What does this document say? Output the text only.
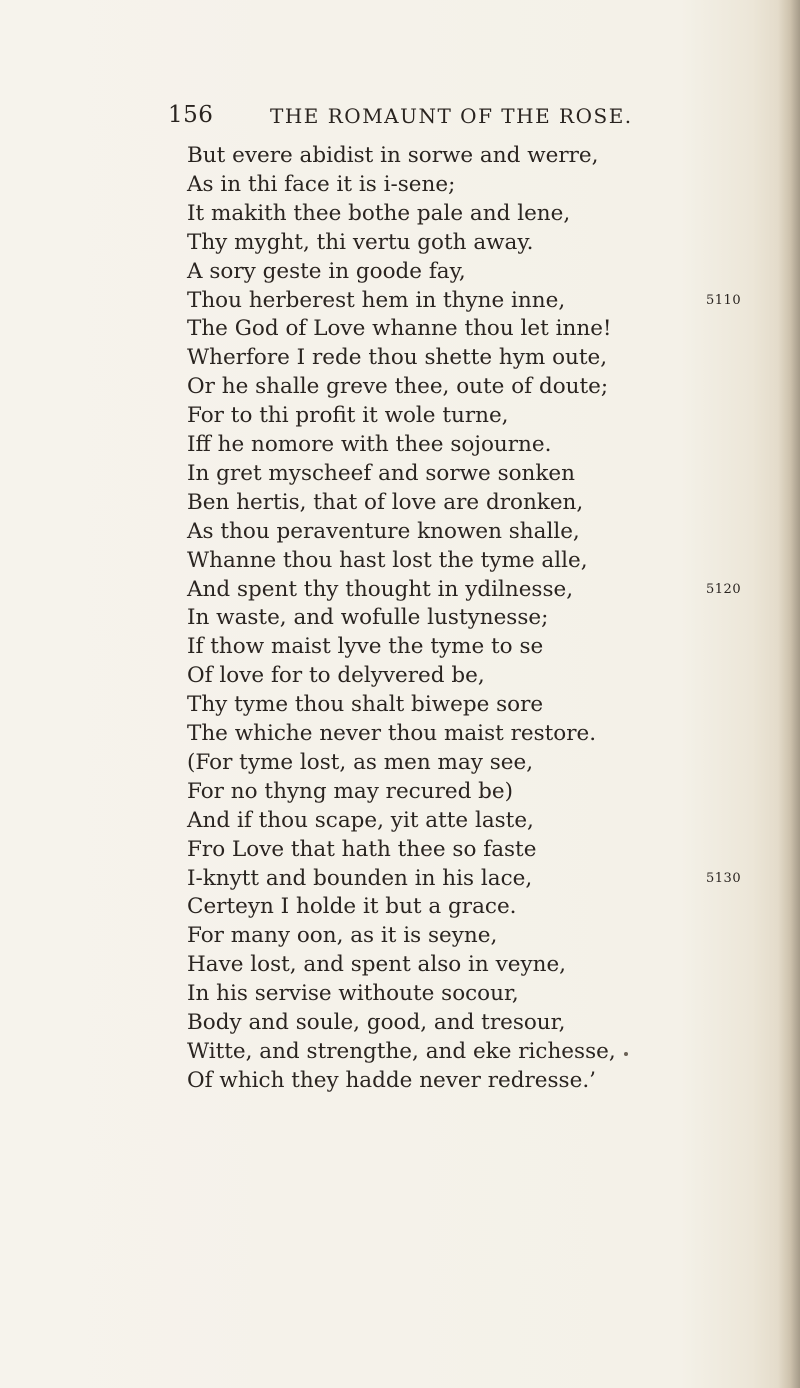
156	THE ROMAUNT OF THE ROSE.
But evere abidist in sorwe and werre,
As in thi face it is i-sene;
It makith thee bothe pale and lene,
Thy myght, thi vertu goth away.
A sory geste in goode fay,
Thou herberest hem in thyne inne,
The God of Love whanne thou let inne!
Wherfore I rede thou shette hym oute,
Or he shalle greve thee, oute of doute;
For to thi profit it wole turne,
Iff he nomore with thee sojourne.
In gret myscheef and sorwe sonken
Ben hertis, that of love are dronken,
As thou peraventure knowen shalle,
Whanne thou hast lost the tyme alle,
And spent thy thought in ydilnesse,
In waste, and wofulle lustynesse;
If thow maist lyve the tyme to se
Of love for to delyvered be,
Thy tyme thou shalt biwepe sore
The whiche never thou maist restore.
(For tyme lost, as men may see,
For no thyng may recured be)
And if thou scape, yit atte laste,
Fro Love that hath thee so faste
I-knytt and bounden in his lace,
Certeyn I holde it but a grace.
For many oon, as it is seyne,
Have lost, and spent also in veyne,
In his servise withoute socour,
Body and soule, good, and tresour,
Witte, and strengthe, and eke richesse,
Of which they hadde never redresse.’
5110
5120
5130
